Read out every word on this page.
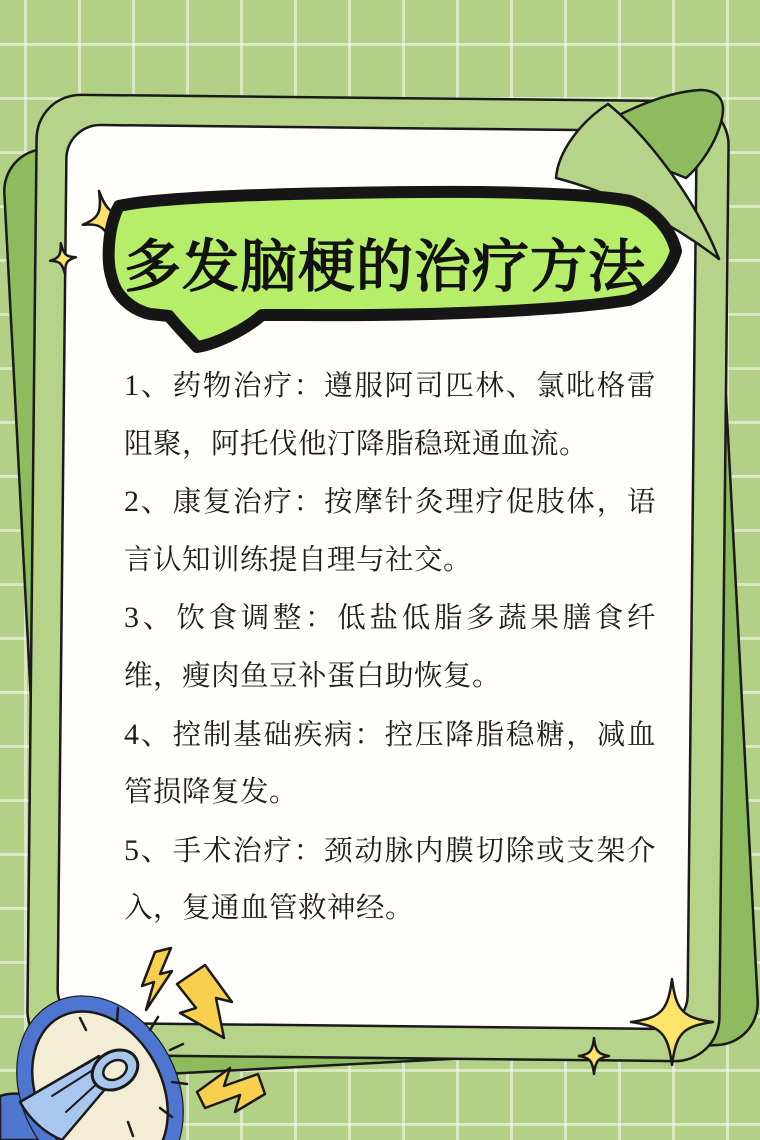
多发脑梗的治疗方法

1、药物治疗：遵服阿司匹林、氯吡格雷阻聚，阿托伐他汀降脂稳斑通血流。

2、康复治疗：按摩针灸理疗促肢体，语言认知训练提自理与社交。

3、饮食调整：低盐低脂多蔬果膳食纤维，瘦肉鱼豆补蛋白助恢复。

4、控制基础疾病：控压降脂稳糖，减血管损降复发。

5、手术治疗：颈动脉内膜切除或支架介入，复通血管救神经。
